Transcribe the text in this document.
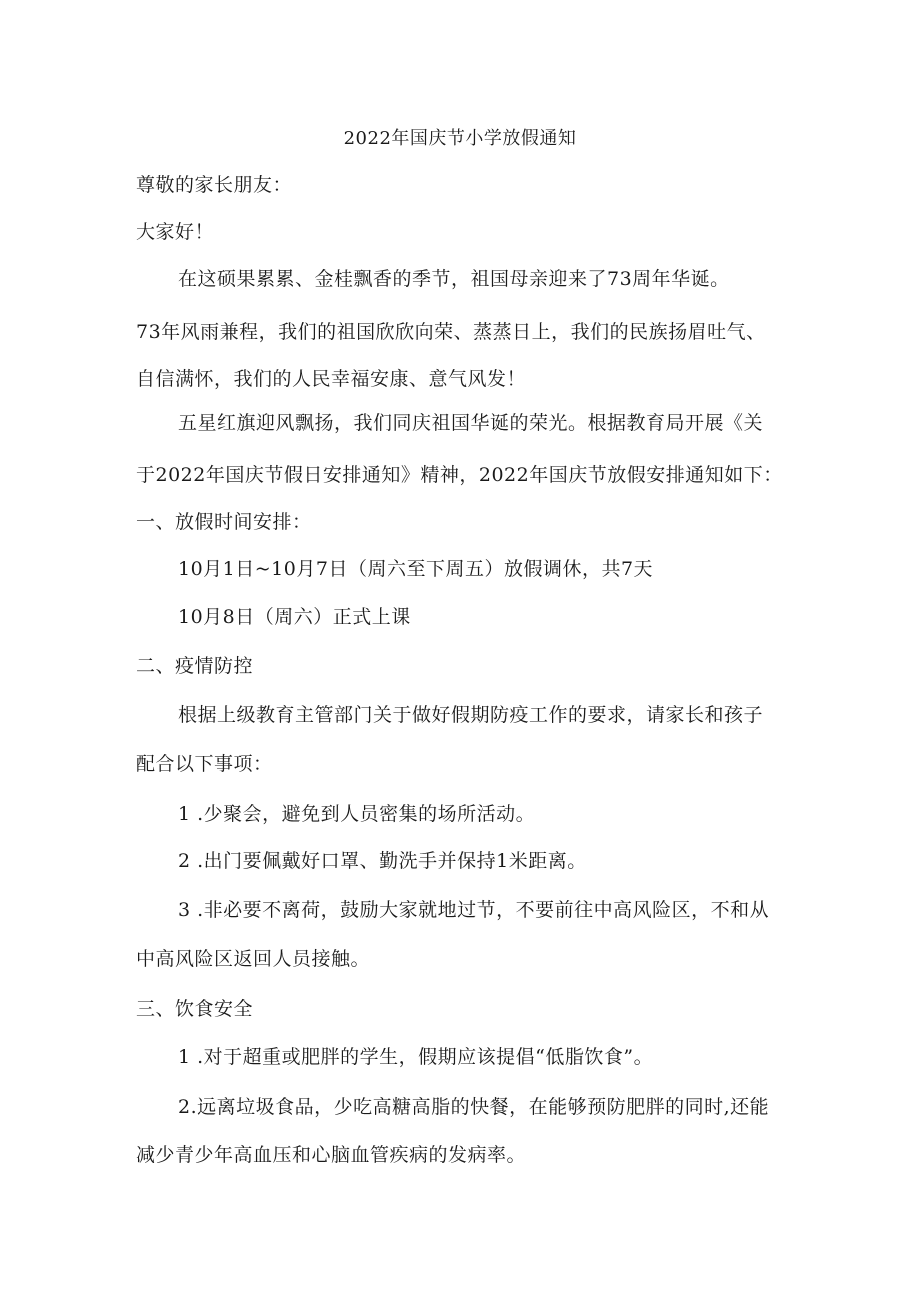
2022年国庆节小学放假通知
尊敬的家长朋友：
大家好！
在这硕果累累、金桂飘香的季节，祖国母亲迎来了73周年华诞。
73年风雨兼程，我们的祖国欣欣向荣、蒸蒸日上，我们的民族扬眉吐气、
自信满怀，我们的人民幸福安康、意气风发！
五星红旗迎风飘扬，我们同庆祖国华诞的荣光。根据教育局开展《关
于2022年国庆节假日安排通知》精神，2022年国庆节放假安排通知如下：
一、放假时间安排：
10月1日~10月7日（周六至下周五）放假调休，共7天
10月8日（周六）正式上课
二、疫情防控
根据上级教育主管部门关于做好假期防疫工作的要求，请家长和孩子
配合以下事项：
1 .少聚会，避免到人员密集的场所活动。
2 .出门要佩戴好口罩、勤洗手并保持1米距离。
3 .非必要不离荷，鼓励大家就地过节，不要前往中高风险区，不和从
中高风险区返回人员接触。
三、饮食安全
1 .对于超重或肥胖的学生，假期应该提倡“低脂饮食”。
2.远离垃圾食品，少吃高糖高脂的快餐，在能够预防肥胖的同时,还能
减少青少年高血压和心脑血管疾病的发病率。
